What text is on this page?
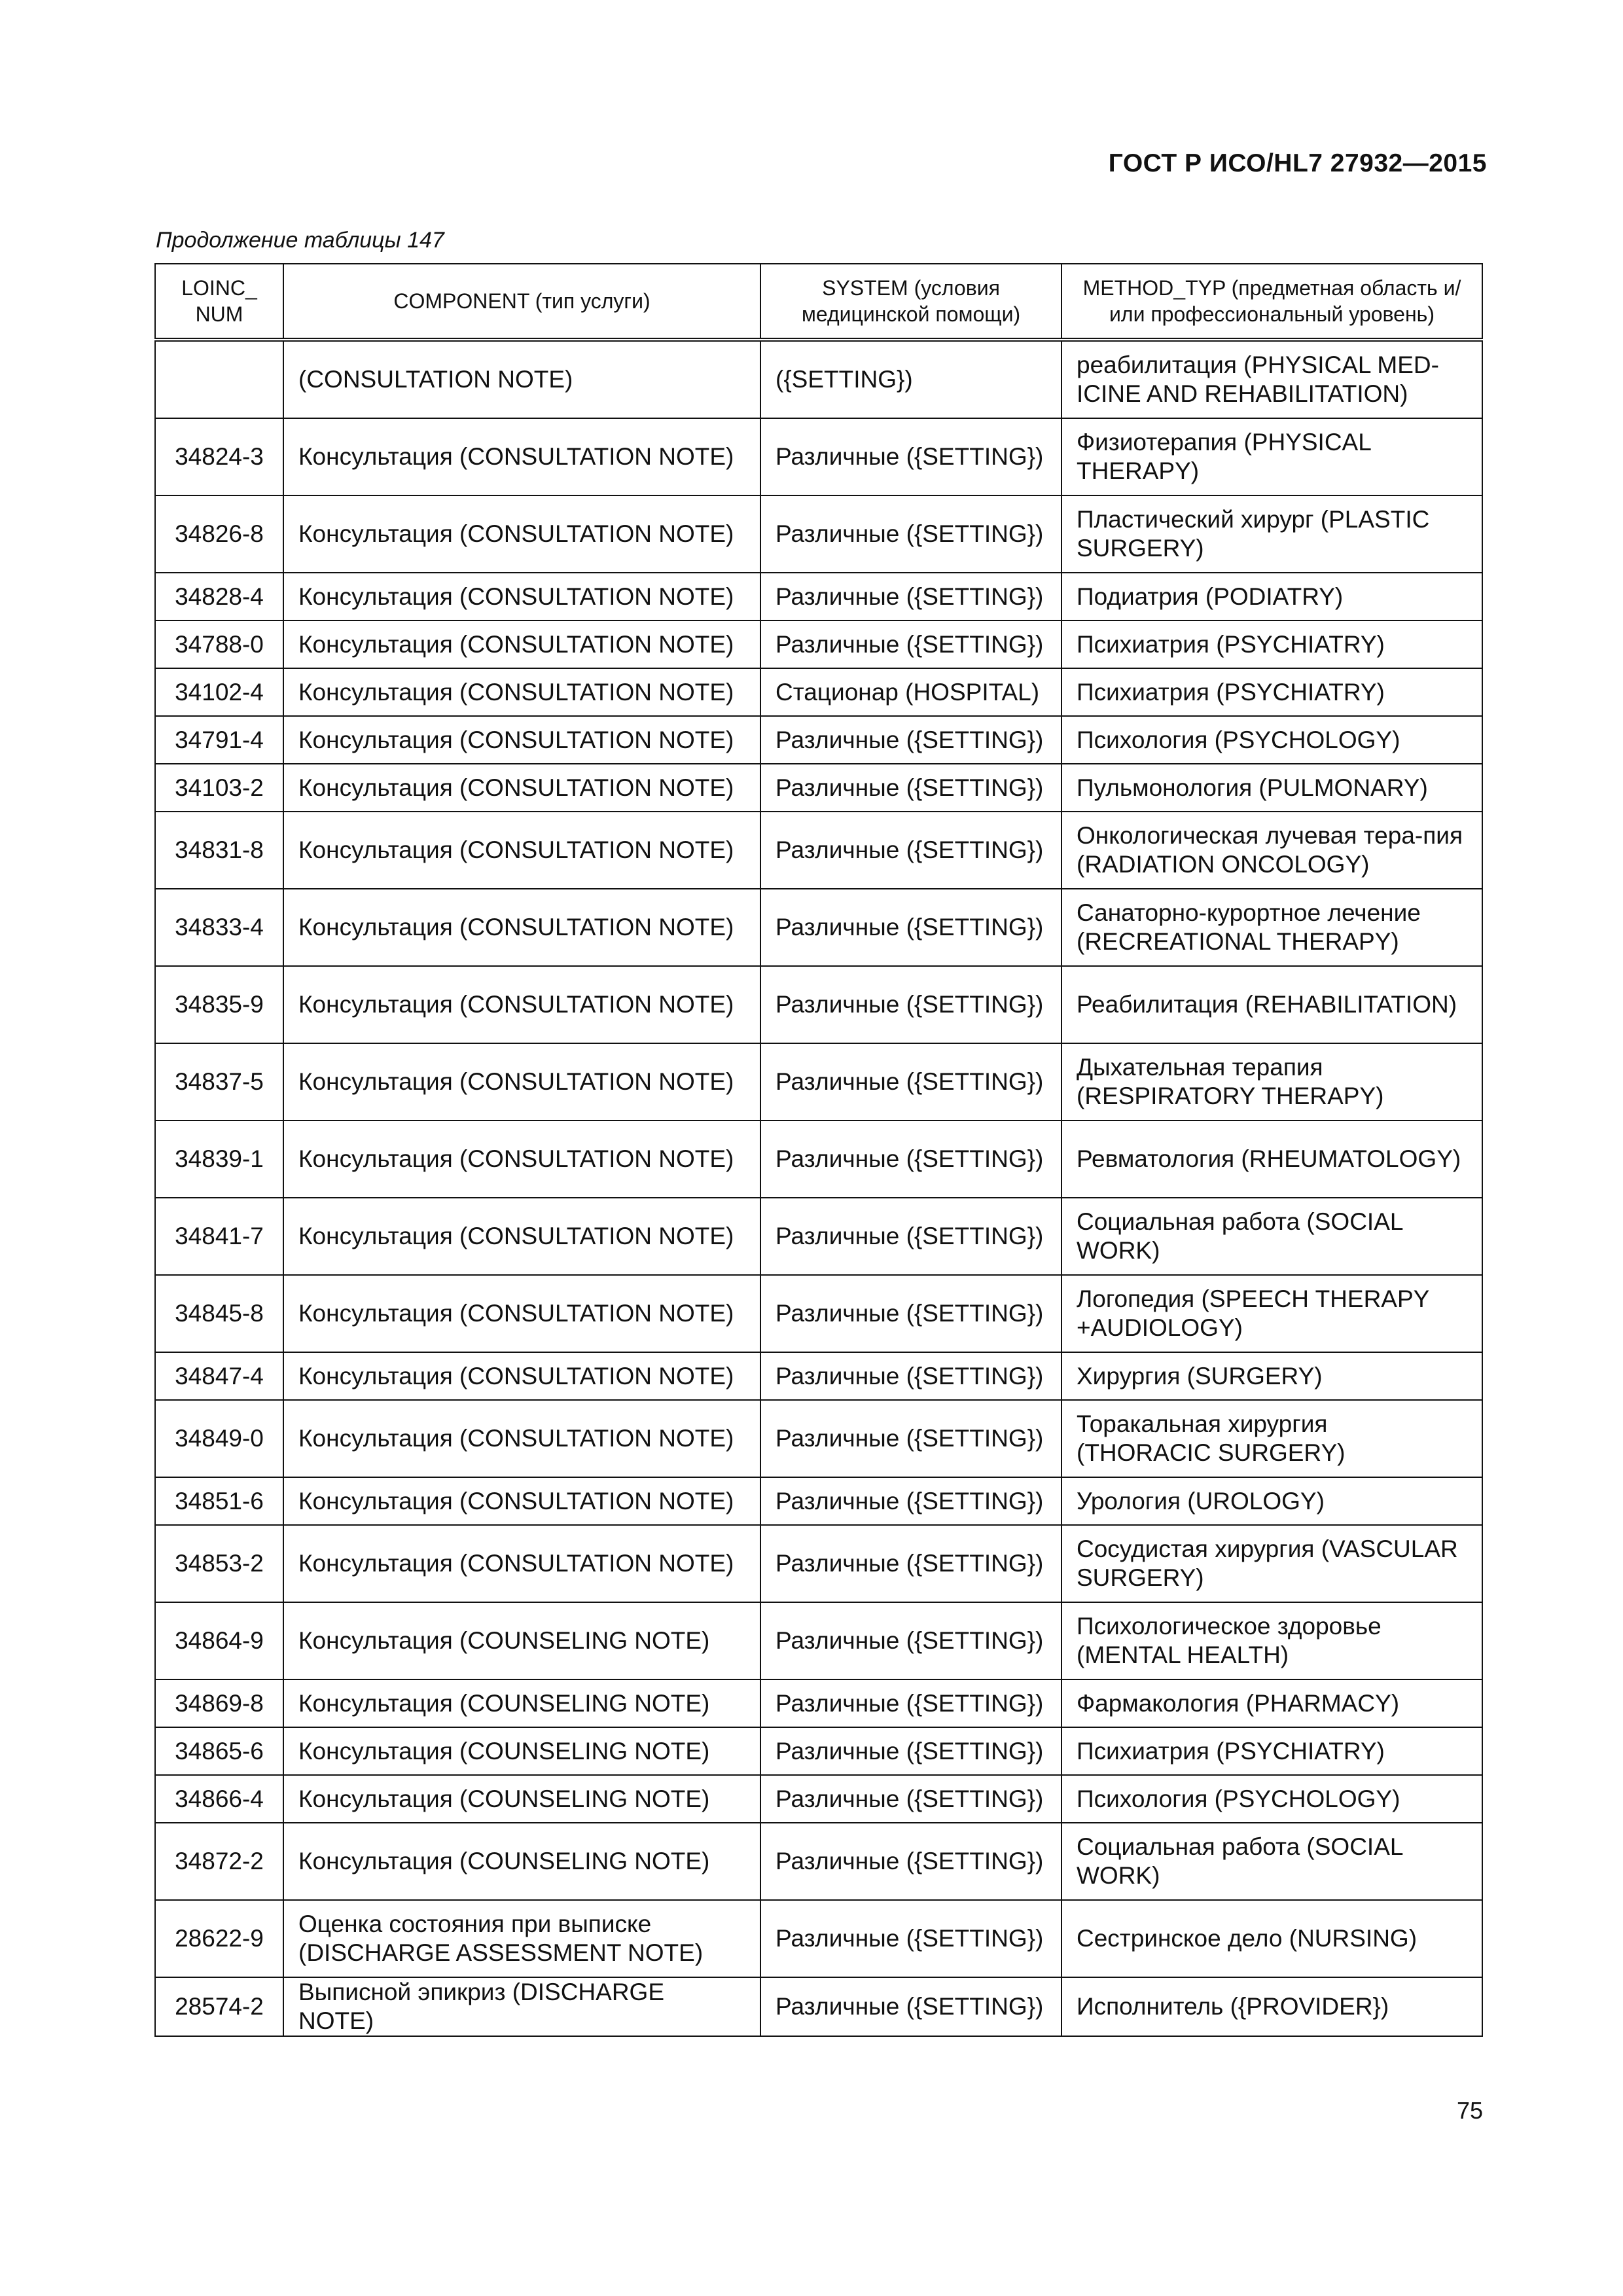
ГОСТ Р ИСО/HL7 27932—2015
Продолжение таблицы 147
LOINC_ NUM	COMPONENT (тип услуги)	SYSTEM (условия медицинской помощи)	METHOD_TYP (предметная область и/или профессиональный уровень)
	(CONSULTATION NOTE)	({SETTING})	реабилитация (PHYSICAL MED-ICINE AND REHABILITATION)
34824-3	Консультация (CONSULTATION NOTE)	Различные ({SETTING})	Физиотерапия (PHYSICAL THERAPY)
34826-8	Консультация (CONSULTATION NOTE)	Различные ({SETTING})	Пластический хирург (PLASTIC SURGERY)
34828-4	Консультация (CONSULTATION NOTE)	Различные ({SETTING})	Подиатрия (PODIATRY)
34788-0	Консультация (CONSULTATION NOTE)	Различные ({SETTING})	Психиатрия (PSYCHIATRY)
34102-4	Консультация (CONSULTATION NOTE)	Стационар (HOSPITAL)	Психиатрия (PSYCHIATRY)
34791-4	Консультация (CONSULTATION NOTE)	Различные ({SETTING})	Психология (PSYCHOLOGY)
34103-2	Консультация (CONSULTATION NOTE)	Различные ({SETTING})	Пульмонология (PULMONARY)
34831-8	Консультация (CONSULTATION NOTE)	Различные ({SETTING})	Онкологическая лучевая тера-пия (RADIATION ONCOLOGY)
34833-4	Консультация (CONSULTATION NOTE)	Различные ({SETTING})	Санаторно-курортное лечение (RECREATIONAL THERAPY)
34835-9	Консультация (CONSULTATION NOTE)	Различные ({SETTING})	Реабилитация (REHABILITATION)
34837-5	Консультация (CONSULTATION NOTE)	Различные ({SETTING})	Дыхательная терапия (RESPIRATORY THERAPY)
34839-1	Консультация (CONSULTATION NOTE)	Различные ({SETTING})	Ревматология (RHEUMATOLOGY)
34841-7	Консультация (CONSULTATION NOTE)	Различные ({SETTING})	Социальная работа (SOCIAL WORK)
34845-8	Консультация (CONSULTATION NOTE)	Различные ({SETTING})	Логопедия (SPEECH THERAPY +AUDIOLOGY)
34847-4	Консультация (CONSULTATION NOTE)	Различные ({SETTING})	Хирургия (SURGERY)
34849-0	Консультация (CONSULTATION NOTE)	Различные ({SETTING})	Торакальная хирургия (THORACIC SURGERY)
34851-6	Консультация (CONSULTATION NOTE)	Различные ({SETTING})	Урология (UROLOGY)
34853-2	Консультация (CONSULTATION NOTE)	Различные ({SETTING})	Сосудистая хирургия (VASCULAR SURGERY)
34864-9	Консультация (COUNSELING NOTE)	Различные ({SETTING})	Психологическое здоровье (MENTAL HEALTH)
34869-8	Консультация (COUNSELING NOTE)	Различные ({SETTING})	Фармакология (PHARMACY)
34865-6	Консультация (COUNSELING NOTE)	Различные ({SETTING})	Психиатрия (PSYCHIATRY)
34866-4	Консультация (COUNSELING NOTE)	Различные ({SETTING})	Психология (PSYCHOLOGY)
34872-2	Консультация (COUNSELING NOTE)	Различные ({SETTING})	Социальная работа (SOCIAL WORK)
28622-9	Оценка состояния при выписке (DISCHARGE ASSESSMENT NOTE)	Различные ({SETTING})	Сестринское дело (NURSING)
28574-2	Выписной эпикриз (DISCHARGE NOTE)	Различные ({SETTING})	Исполнитель ({PROVIDER})
75
